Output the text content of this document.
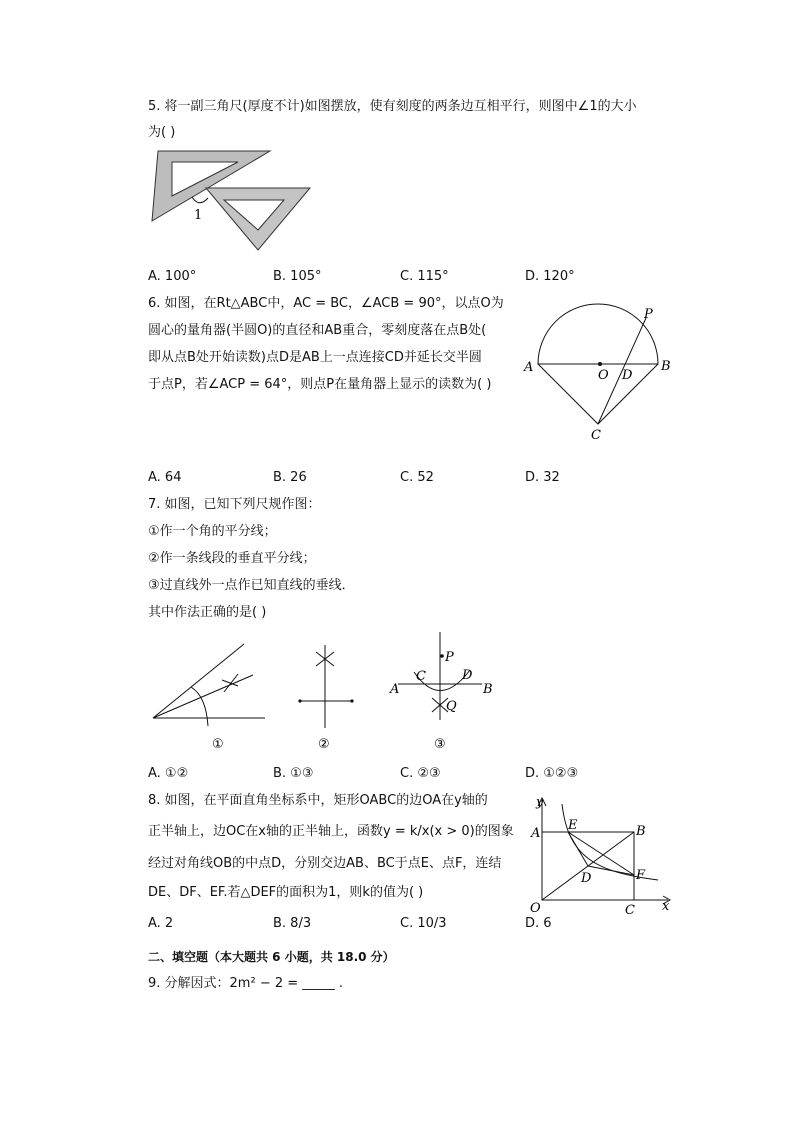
5. 将一副三角尺(厚度不计)如图摆放，使有刻度的两条边互相平行，则图中∠1的大小
为( )
1
A. 100°	B. 105°	C. 115°	D. 120°
6. 如图，在Rt△ABC中，AC = BC，∠ACB = 90°，以点O为
圆心的量角器(半圆O)的直径和AB重合，零刻度落在点B处(
即从点B处开始读数)点D是AB上一点连接CD并延长交半圆
于点P，若∠ACP = 64°，则点P在量角器上显示的读数为( )
P
A
O D
B
C
A. 64	B. 26	C. 52	D. 32
7. 如图，已知下列尺规作图：
①作一个角的平分线；
②作一条线段的垂直平分线；
③过直线外一点作已知直线的垂线．
其中作法正确的是( )
①	②
P
C	D
A	B
Q
③
A. ①②	B. ①③	C. ②③	D. ①②③
8. 如图，在平面直角坐标系中，矩形OABC的边OA在y轴的
正半轴上，边OC在x轴的正半轴上，函数y = k/x(x > 0)的图象
经过对角线OB的中点D，分别交边AB、BC于点E、点F，连结
DE、DF、EF.若△DEF的面积为1，则k的值为( )
y
A
E	B
D	F
O	C x
A. 2	B. 8/3	C. 10/3	D. 6
二、填空题（本大题共 6 小题，共 18.0 分）
9. 分解因式：2m² − 2 = _____ .
